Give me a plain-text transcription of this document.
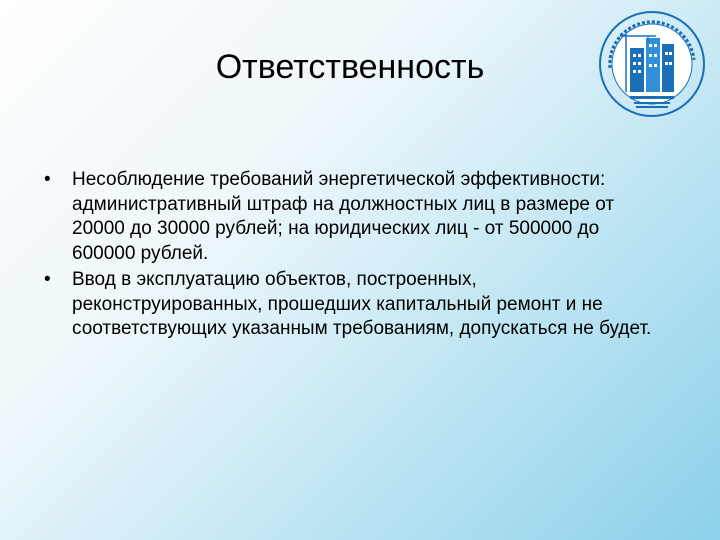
Ответственность
•	Несоблюдение требований энергетической эффективности: административный штраф на должностных лиц в размере от 20000 до 30000 рублей; на юридических лиц - от 500000 до 600000 рублей.
•	Ввод в эксплуатацию объектов, построенных, реконструированных, прошедших капитальный ремонт и не соответствующих указанным требованиям, допускаться не будет.
